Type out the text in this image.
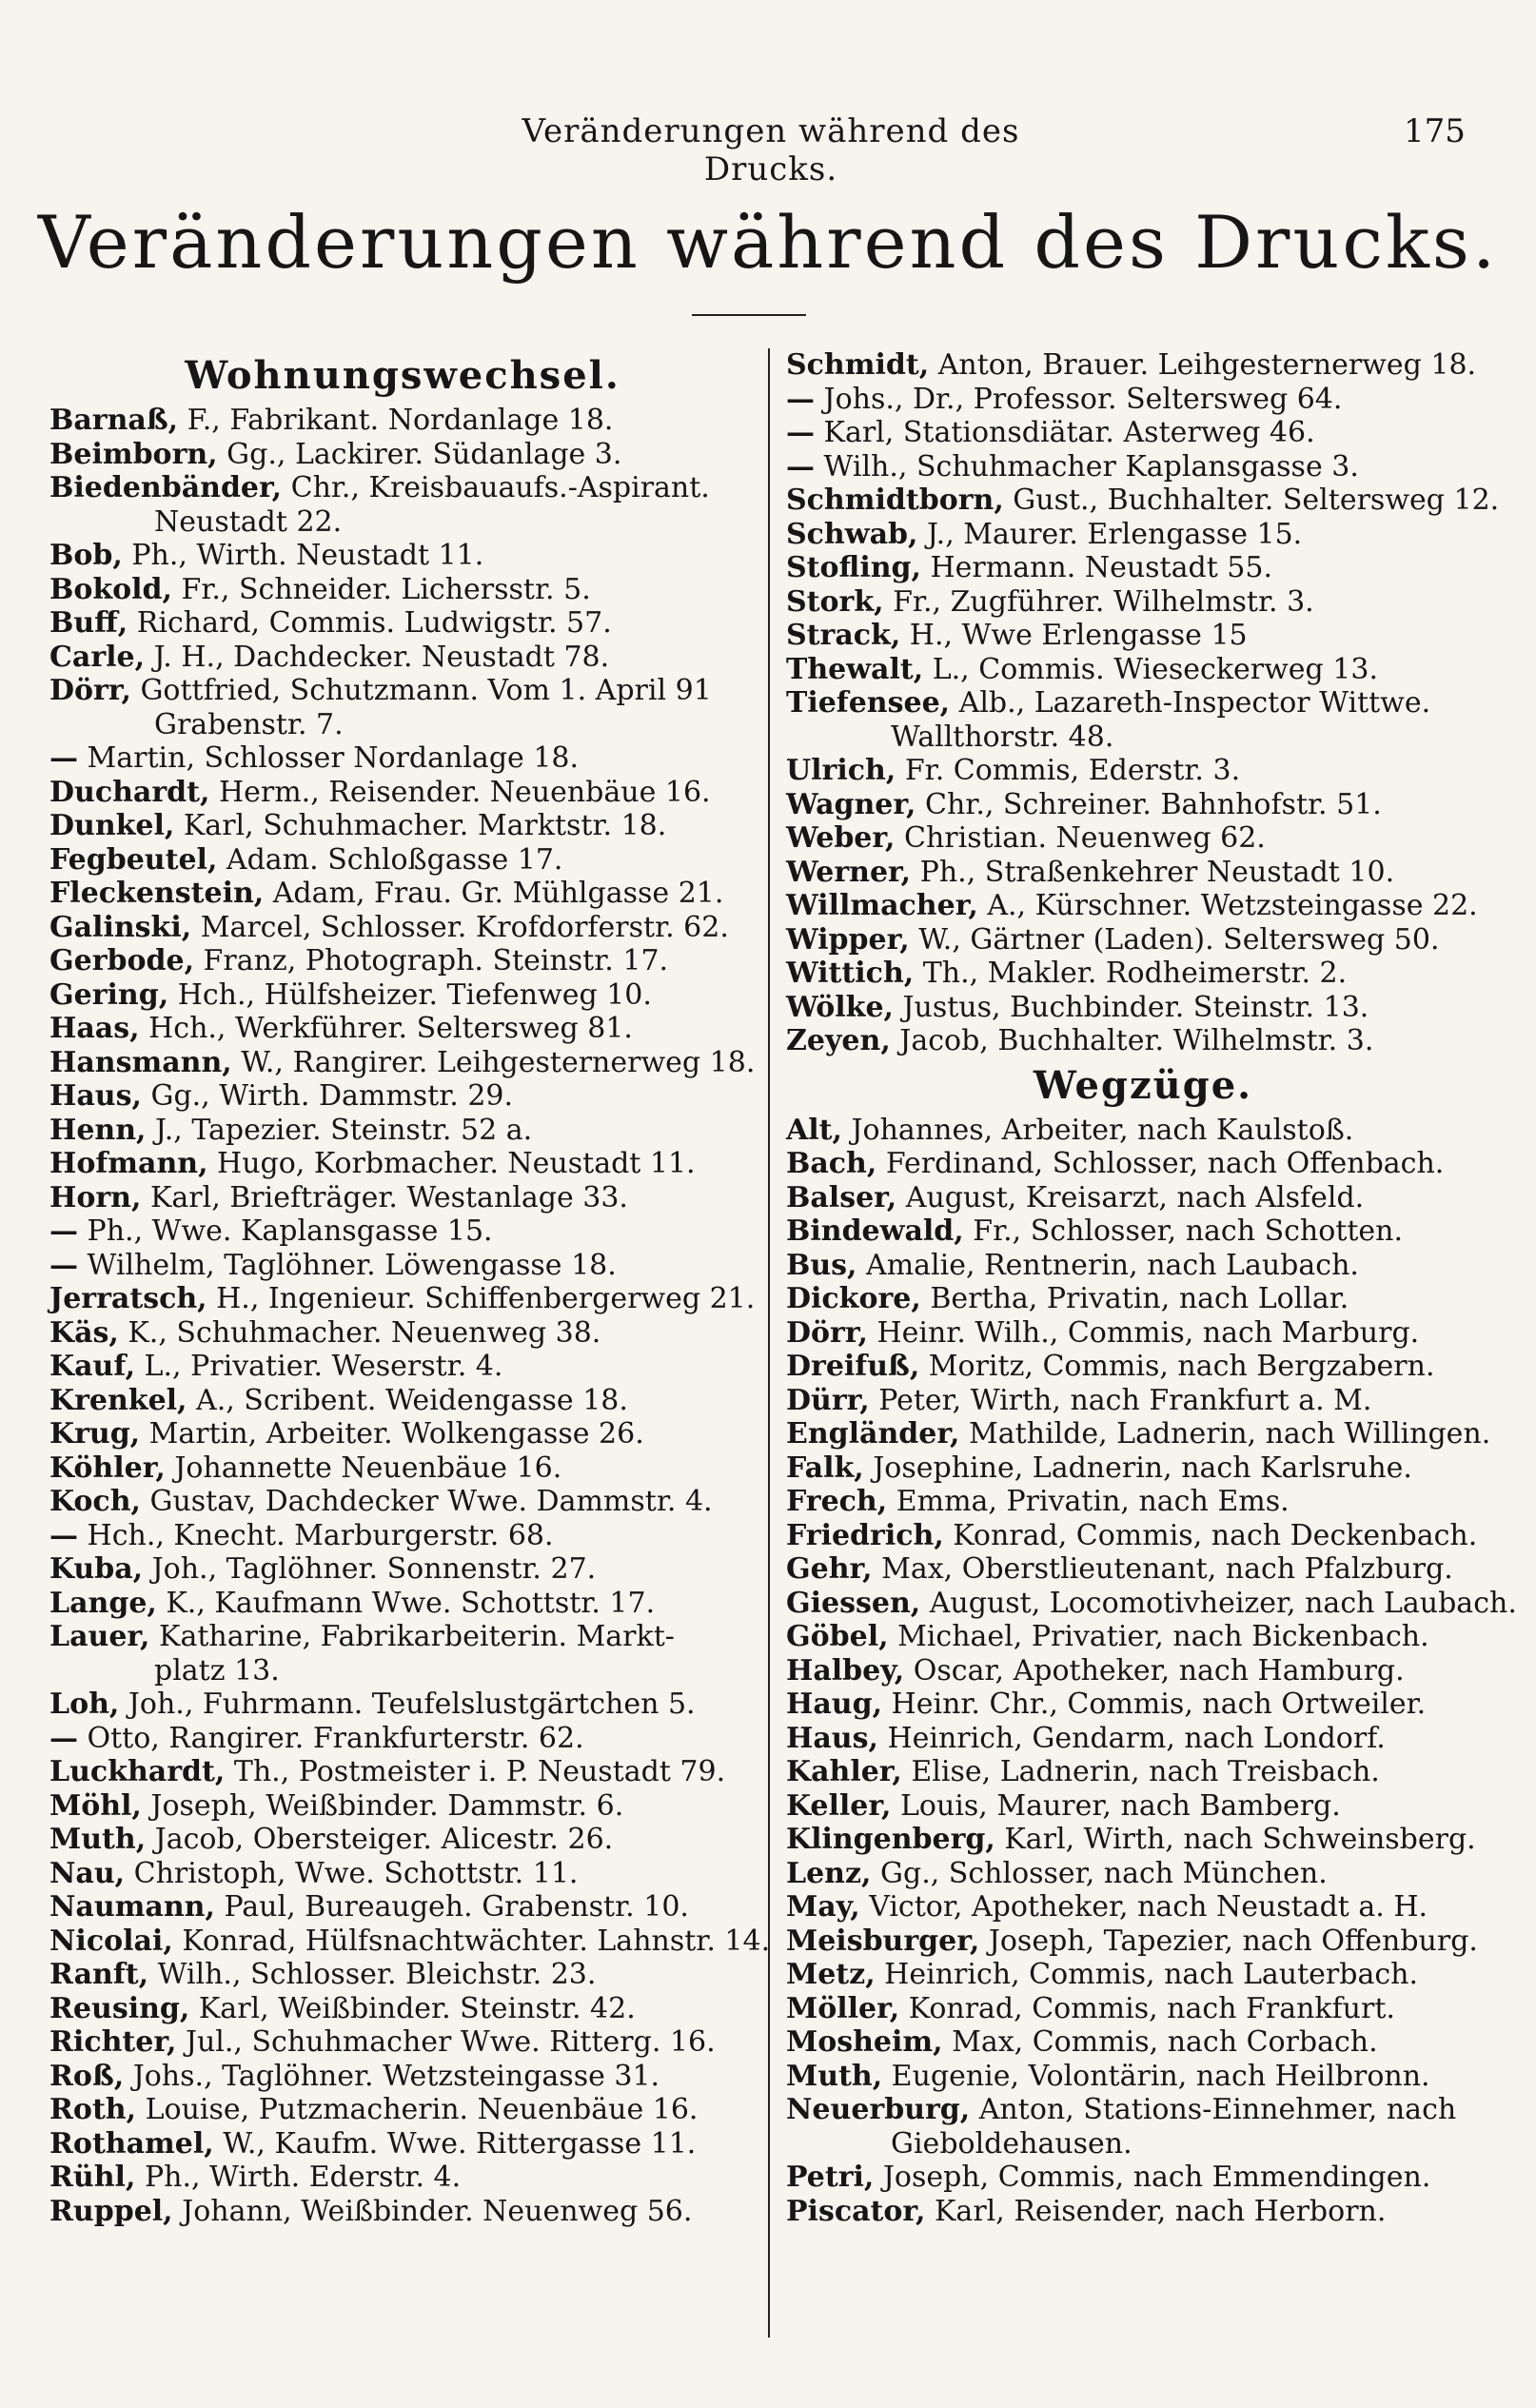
Veränderungen während des Drucks.
175
Veränderungen während des Drucks.
Wohnungswechsel.
Barnaß, F., Fabrikant. Nordanlage 18.
Beimborn, Gg., Lackirer. Südanlage 3.
Biedenbänder, Chr., Kreisbauaufs.-Aspirant.
Neustadt 22.
Bob, Ph., Wirth. Neustadt 11.
Bokold, Fr., Schneider. Lichersstr. 5.
Buff, Richard, Commis. Ludwigstr. 57.
Carle, J. H., Dachdecker. Neustadt 78.
Dörr, Gottfried, Schutzmann. Vom 1. April 91
Grabenstr. 7.
— Martin, Schlosser Nordanlage 18.
Duchardt, Herm., Reisender. Neuenbäue 16.
Dunkel, Karl, Schuhmacher. Marktstr. 18.
Fegbeutel, Adam. Schloßgasse 17.
Fleckenstein, Adam, Frau. Gr. Mühlgasse 21.
Galinski, Marcel, Schlosser. Krofdorferstr. 62.
Gerbode, Franz, Photograph. Steinstr. 17.
Gering, Hch., Hülfsheizer. Tiefenweg 10.
Haas, Hch., Werkführer. Seltersweg 81.
Hansmann, W., Rangirer. Leihgesternerweg 18.
Haus, Gg., Wirth. Dammstr. 29.
Henn, J., Tapezier. Steinstr. 52 a.
Hofmann, Hugo, Korbmacher. Neustadt 11.
Horn, Karl, Briefträger. Westanlage 33.
— Ph., Wwe. Kaplansgasse 15.
— Wilhelm, Taglöhner. Löwengasse 18.
Jerratsch, H., Ingenieur. Schiffenbergerweg 21.
Käs, K., Schuhmacher. Neuenweg 38.
Kauf, L., Privatier. Weserstr. 4.
Krenkel, A., Scribent. Weidengasse 18.
Krug, Martin, Arbeiter. Wolkengasse 26.
Köhler, Johannette Neuenbäue 16.
Koch, Gustav, Dachdecker Wwe. Dammstr. 4.
— Hch., Knecht. Marburgerstr. 68.
Kuba, Joh., Taglöhner. Sonnenstr. 27.
Lange, K., Kaufmann Wwe. Schottstr. 17.
Lauer, Katharine, Fabrikarbeiterin. Markt-
platz 13.
Loh, Joh., Fuhrmann. Teufelslustgärtchen 5.
— Otto, Rangirer. Frankfurterstr. 62.
Luckhardt, Th., Postmeister i. P. Neustadt 79.
Möhl, Joseph, Weißbinder. Dammstr. 6.
Muth, Jacob, Obersteiger. Alicestr. 26.
Nau, Christoph, Wwe. Schottstr. 11.
Naumann, Paul, Bureaugeh. Grabenstr. 10.
Nicolai, Konrad, Hülfsnachtwächter. Lahnstr. 14.
Ranft, Wilh., Schlosser. Bleichstr. 23.
Reusing, Karl, Weißbinder. Steinstr. 42.
Richter, Jul., Schuhmacher Wwe. Ritterg. 16.
Roß, Johs., Taglöhner. Wetzsteingasse 31.
Roth, Louise, Putzmacherin. Neuenbäue 16.
Rothamel, W., Kaufm. Wwe. Rittergasse 11.
Rühl, Ph., Wirth. Ederstr. 4.
Ruppel, Johann, Weißbinder. Neuenweg 56.
Schmidt, Anton, Brauer. Leihgesternerweg 18.
— Johs., Dr., Professor. Seltersweg 64.
— Karl, Stationsdiätar. Asterweg 46.
— Wilh., Schuhmacher Kaplansgasse 3.
Schmidtborn, Gust., Buchhalter. Seltersweg 12.
Schwab, J., Maurer. Erlengasse 15.
Stofling, Hermann. Neustadt 55.
Stork, Fr., Zugführer. Wilhelmstr. 3.
Strack, H., Wwe Erlengasse 15
Thewalt, L., Commis. Wieseckerweg 13.
Tiefensee, Alb., Lazareth-Inspector Wittwe.
Wallthorstr. 48.
Ulrich, Fr. Commis, Ederstr. 3.
Wagner, Chr., Schreiner. Bahnhofstr. 51.
Weber, Christian. Neuenweg 62.
Werner, Ph., Straßenkehrer Neustadt 10.
Willmacher, A., Kürschner. Wetzsteingasse 22.
Wipper, W., Gärtner (Laden). Seltersweg 50.
Wittich, Th., Makler. Rodheimerstr. 2.
Wölke, Justus, Buchbinder. Steinstr. 13.
Zeyen, Jacob, Buchhalter. Wilhelmstr. 3.
Wegzüge.
Alt, Johannes, Arbeiter, nach Kaulstoß.
Bach, Ferdinand, Schlosser, nach Offenbach.
Balser, August, Kreisarzt, nach Alsfeld.
Bindewald, Fr., Schlosser, nach Schotten.
Bus, Amalie, Rentnerin, nach Laubach.
Dickore, Bertha, Privatin, nach Lollar.
Dörr, Heinr. Wilh., Commis, nach Marburg.
Dreifuß, Moritz, Commis, nach Bergzabern.
Dürr, Peter, Wirth, nach Frankfurt a. M.
Engländer, Mathilde, Ladnerin, nach Willingen.
Falk, Josephine, Ladnerin, nach Karlsruhe.
Frech, Emma, Privatin, nach Ems.
Friedrich, Konrad, Commis, nach Deckenbach.
Gehr, Max, Oberstlieutenant, nach Pfalzburg.
Giessen, August, Locomotivheizer, nach Laubach.
Göbel, Michael, Privatier, nach Bickenbach.
Halbey, Oscar, Apotheker, nach Hamburg.
Haug, Heinr. Chr., Commis, nach Ortweiler.
Haus, Heinrich, Gendarm, nach Londorf.
Kahler, Elise, Ladnerin, nach Treisbach.
Keller, Louis, Maurer, nach Bamberg.
Klingenberg, Karl, Wirth, nach Schweinsberg.
Lenz, Gg., Schlosser, nach München.
May, Victor, Apotheker, nach Neustadt a. H.
Meisburger, Joseph, Tapezier, nach Offenburg.
Metz, Heinrich, Commis, nach Lauterbach.
Möller, Konrad, Commis, nach Frankfurt.
Mosheim, Max, Commis, nach Corbach.
Muth, Eugenie, Volontärin, nach Heilbronn.
Neuerburg, Anton, Stations-Einnehmer, nach
Gieboldehausen.
Petri, Joseph, Commis, nach Emmendingen.
Piscator, Karl, Reisender, nach Herborn.
